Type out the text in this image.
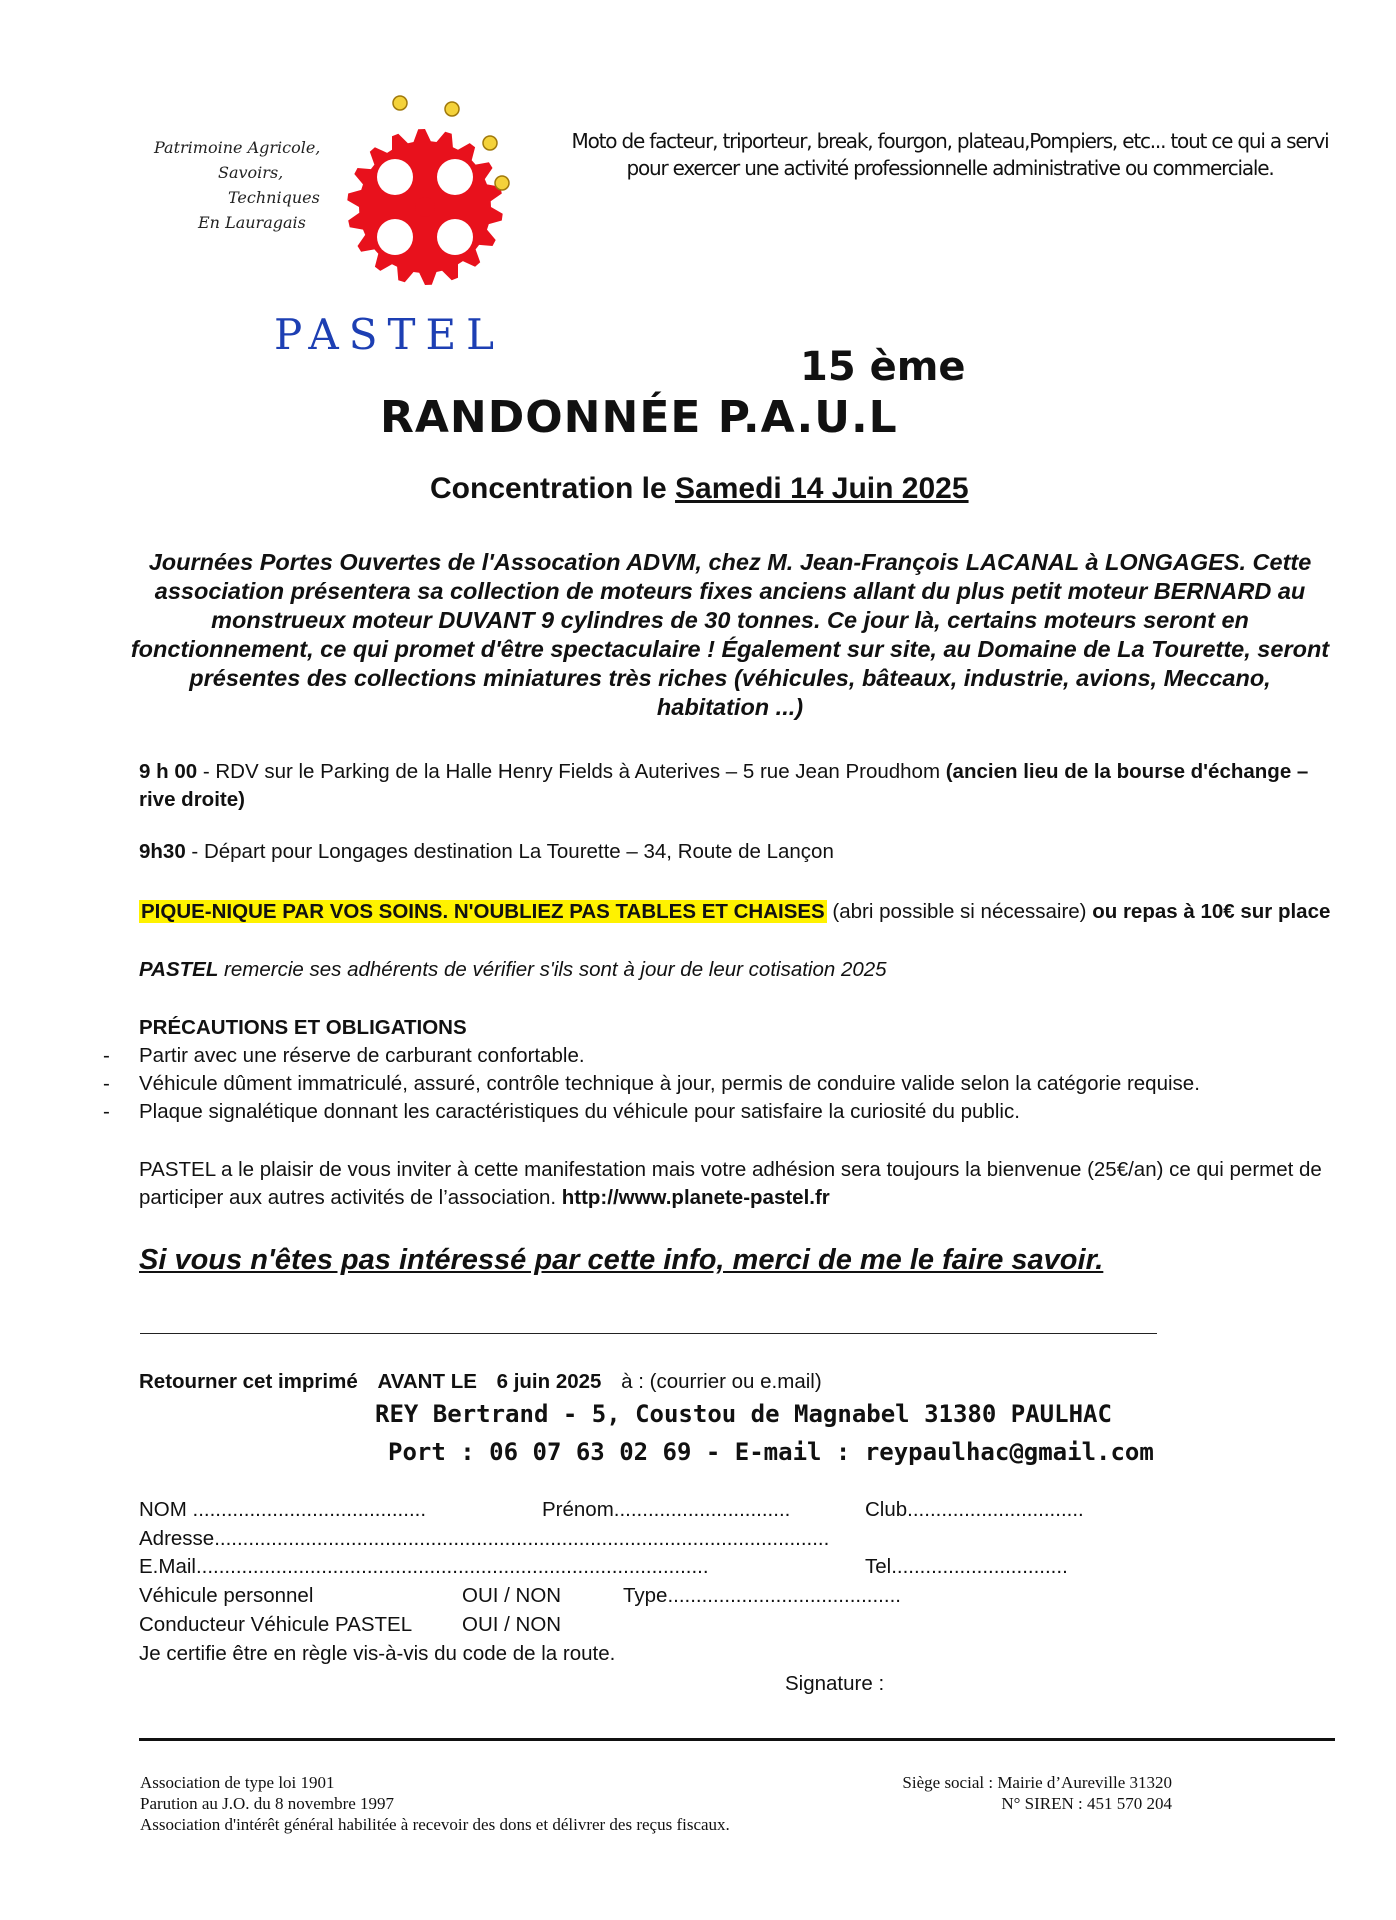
Patrimoine Agricole,
Savoirs,
Techniques
En Lauragais
PASTEL
Moto de facteur, triporteur, break, fourgon, plateau,Pompiers, etc... tout ce qui a servi pour exercer une activité professionnelle administrative ou commerciale.
15 ème
RANDONNÉE P.A.U.L
Concentration le Samedi 14 Juin 2025
Journées Portes Ouvertes de l'Assocation ADVM, chez M. Jean-François LACANAL à LONGAGES. Cette association présentera sa collection de moteurs fixes anciens allant du plus petit moteur BERNARD au monstrueux moteur DUVANT 9 cylindres de 30 tonnes. Ce jour là, certains moteurs seront en fonctionnement, ce qui promet d'être spectaculaire ! Également sur site, au Domaine de La Tourette, seront présentes des collections miniatures très riches (véhicules, bâteaux, industrie, avions, Meccano, habitation ...)
9 h 00 - RDV sur le Parking de la Halle Henry Fields à Auterives – 5 rue Jean Proudhom (ancien lieu de la bourse d'échange – rive droite)
9h30 - Départ pour Longages destination La Tourette – 34, Route de Lançon
PIQUE-NIQUE PAR VOS SOINS. N'OUBLIEZ PAS TABLES ET CHAISES (abri possible si nécessaire) ou repas à 10€ sur place
PASTEL remercie ses adhérents de vérifier s'ils sont à jour de leur cotisation 2025
PRÉCAUTIONS ET OBLIGATIONS
- Partir avec une réserve de carburant confortable.
- Véhicule dûment immatriculé, assuré, contrôle technique à jour, permis de conduire valide selon la catégorie requise.
- Plaque signalétique donnant les caractéristiques du véhicule pour satisfaire la curiosité du public.
PASTEL a le plaisir de vous inviter à cette manifestation mais votre adhésion sera toujours la bienvenue (25€/an) ce qui permet de participer aux autres activités de l’association. http://www.planete-pastel.fr
Si vous n'êtes pas intéressé par cette info, merci de me le faire savoir.
Retourner cet imprimé AVANT LE 6 juin 2025 à : (courrier ou e.mail)
REY Bertrand - 5, Coustou de Magnabel 31380 PAULHAC
Port : 06 07 63 02 69 - E-mail : reypaulhac@gmail.com
NOM .........................................	Prénom...............................	Club...............................
Adresse............................................................................................................
E.Mail..........................................................................................	Tel...............................
Véhicule personnel	OUI / NON	Type.........................................
Conducteur Véhicule PASTEL OUI / NON
Je certifie être en règle vis-à-vis du code de la route.
Signature :
Association de type loi 1901
Parution au J.O. du 8 novembre 1997
Association d'intérêt général habilitée à recevoir des dons et délivrer des reçus fiscaux.
Siège social : Mairie d’Aureville 31320
N° SIREN : 451 570 204
